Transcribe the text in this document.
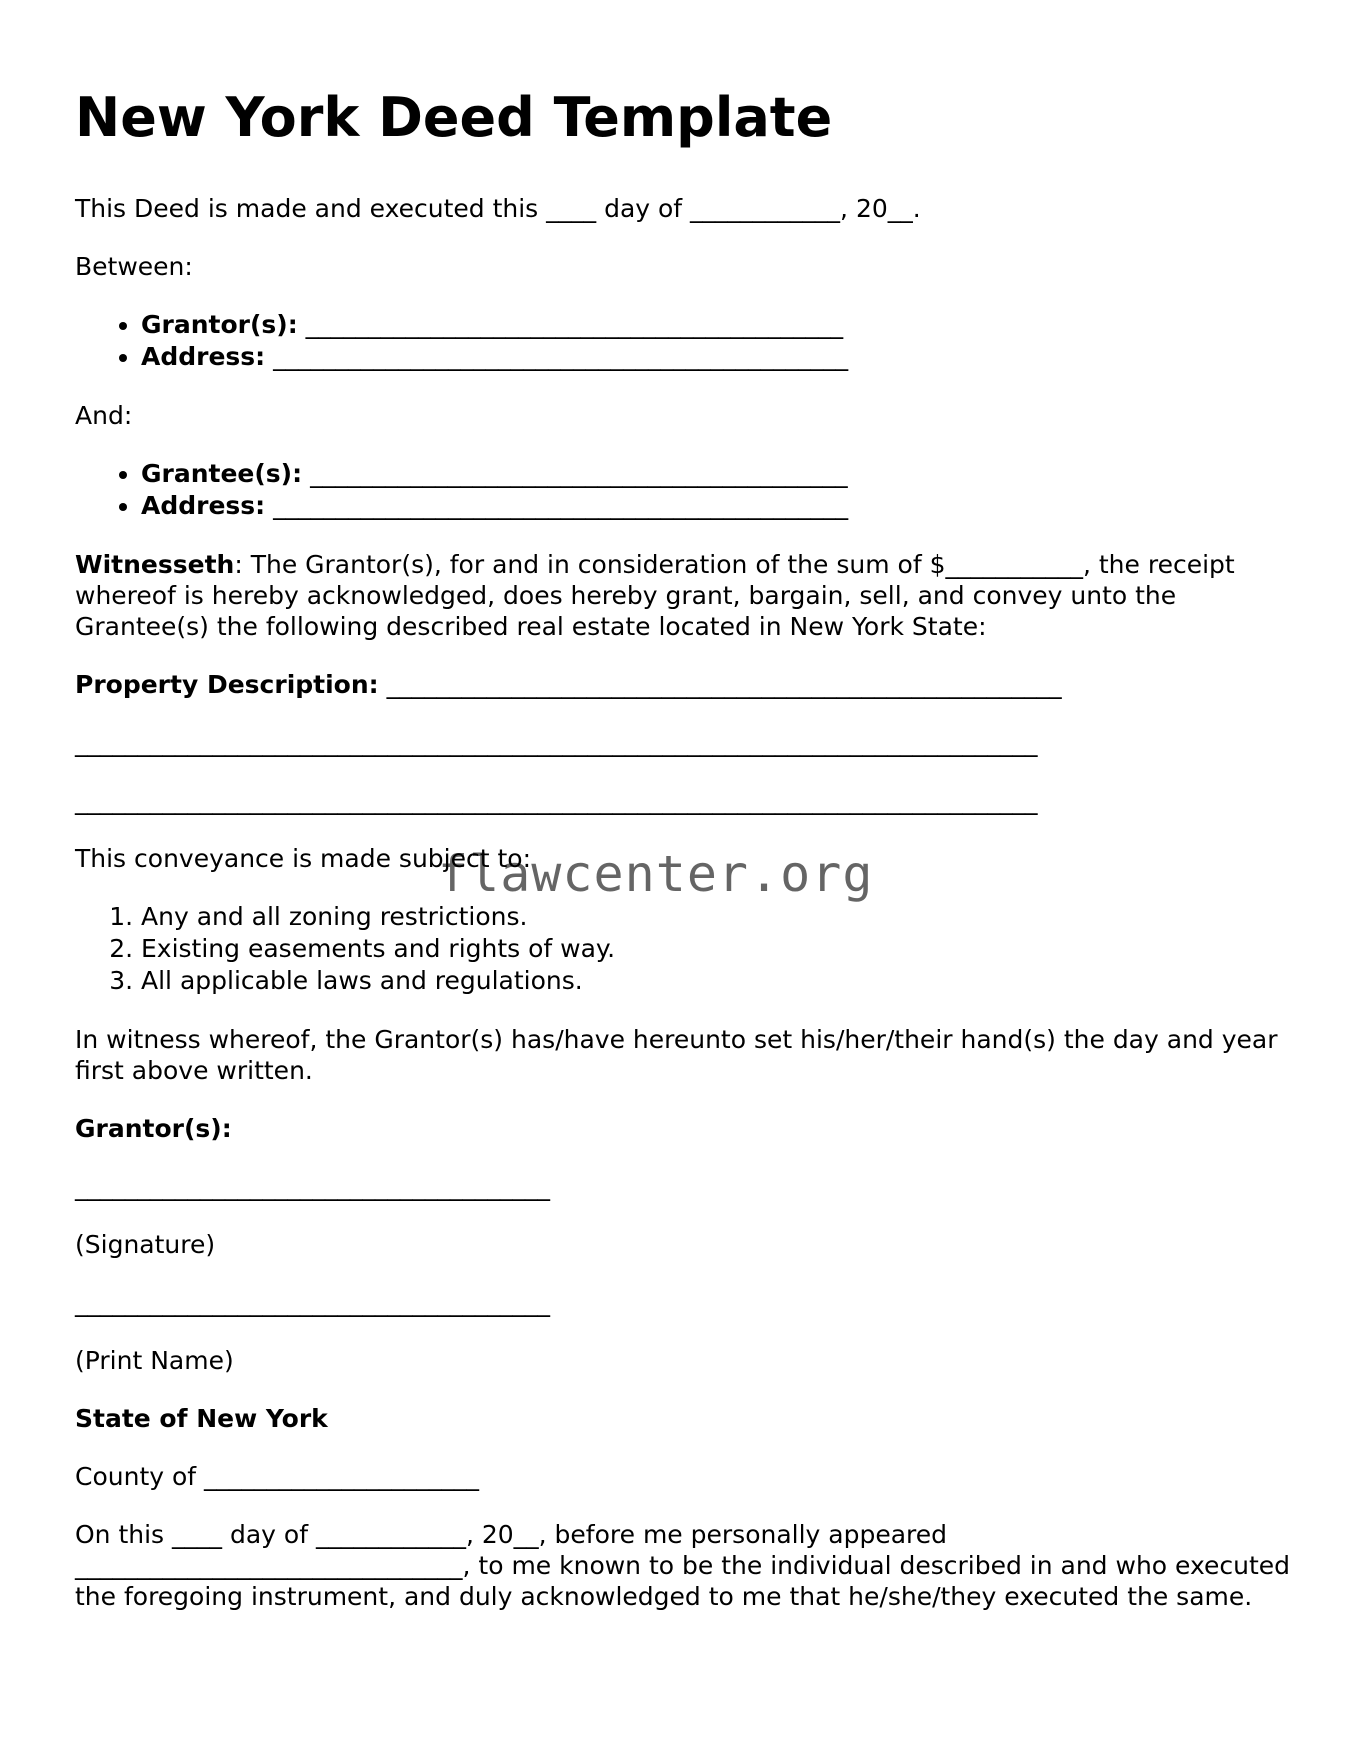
New York Deed Template

This Deed is made and executed this ____ day of ____________, 20__.

Between:

• Grantor(s): ___________________________________________
• Address: ______________________________________________

And:

• Grantee(s): ___________________________________________
• Address: ______________________________________________

Witnesseth: The Grantor(s), for and in consideration of the sum of $___________, the receipt whereof is hereby acknowledged, does hereby grant, bargain, sell, and convey unto the Grantee(s) the following described real estate located in New York State:

Property Description: ______________________________________________________

_____________________________________________________________________________

_____________________________________________________________________________

This conveyance is made subject to:

1. Any and all zoning restrictions.
2. Existing easements and rights of way.
3. All applicable laws and regulations.

In witness whereof, the Grantor(s) has/have hereunto set his/her/their hand(s) the day and year first above written.

Grantor(s):

______________________________________

(Signature)

______________________________________

(Print Name)

State of New York

County of ______________________

On this ____ day of ____________, 20__, before me personally appeared _______________________________, to me known to be the individual described in and who executed the foregoing instrument, and duly acknowledged to me that he/she/they executed the same.

flawcenter.org
